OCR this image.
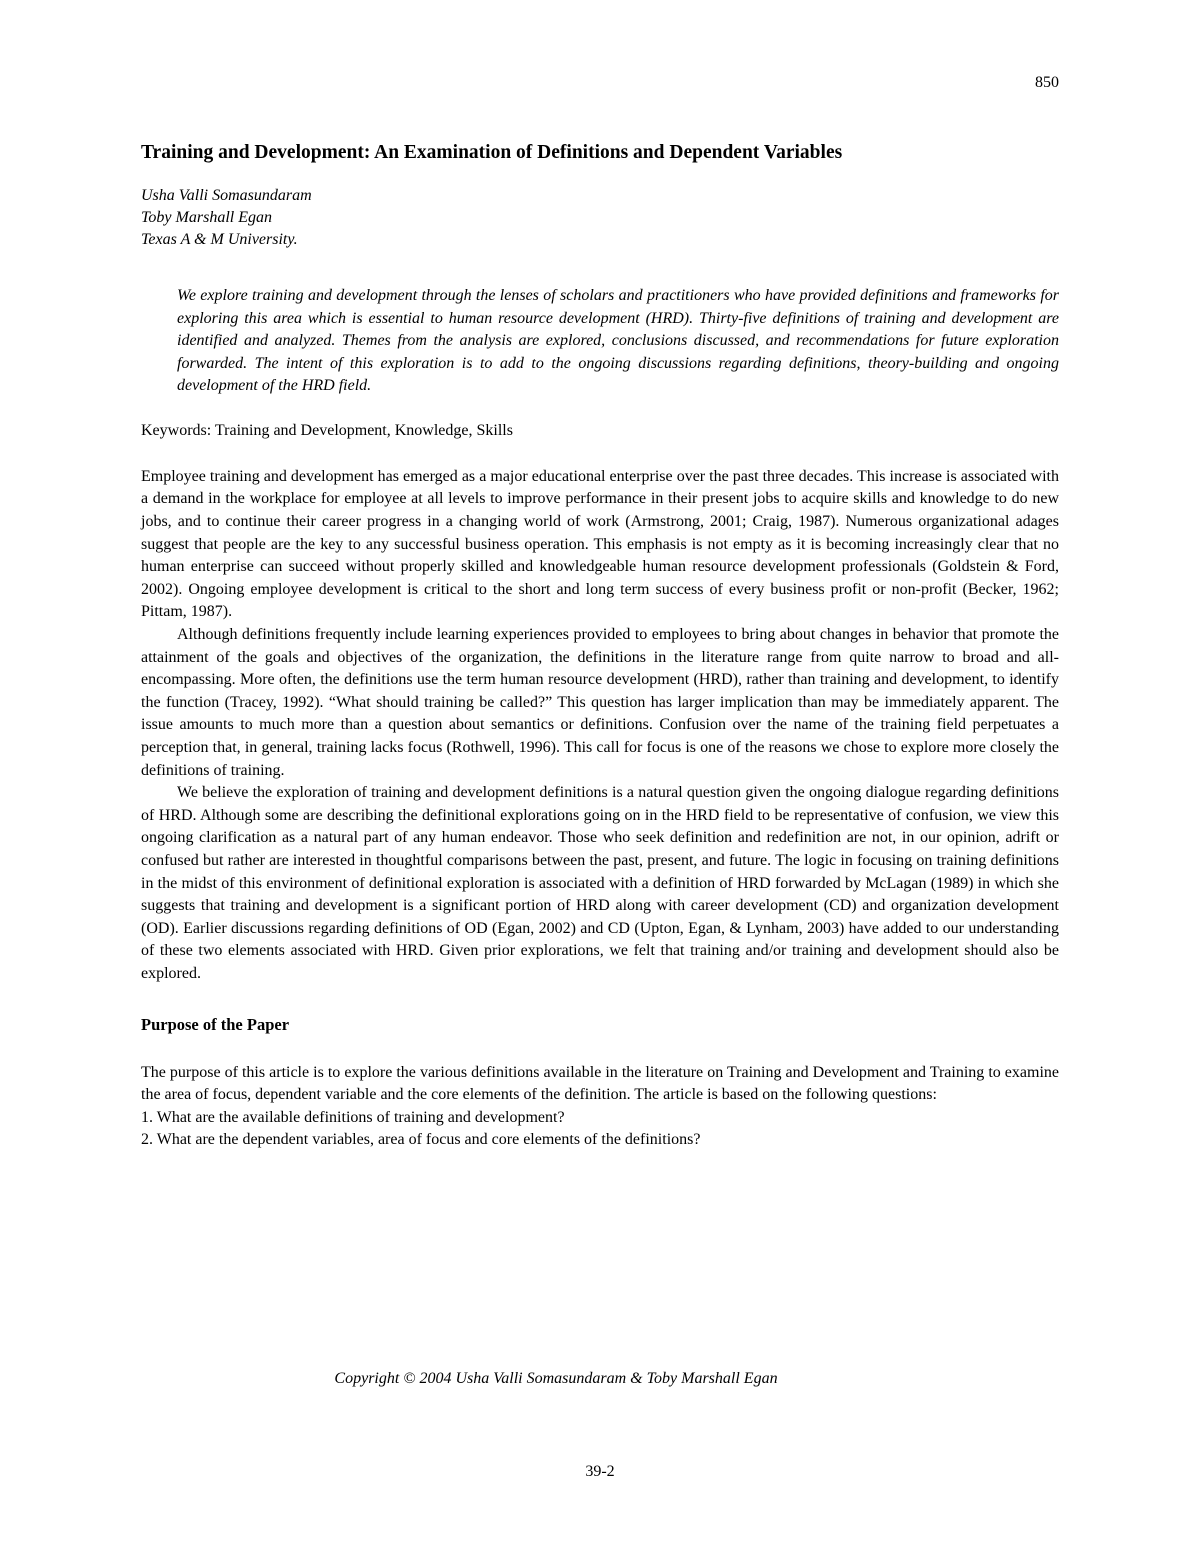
850
Training and Development: An Examination of Definitions and Dependent Variables
Usha Valli Somasundaram
Toby Marshall Egan
Texas A & M University.

We explore training and development through the lenses of scholars and practitioners who have provided definitions and frameworks for exploring this area which is essential to human resource development (HRD). Thirty-five definitions of training and development are identified and analyzed. Themes from the analysis are explored, conclusions discussed, and recommendations for future exploration forwarded. The intent of this exploration is to add to the ongoing discussions regarding definitions, theory-building and ongoing development of the HRD field.

Keywords: Training and Development, Knowledge, Skills

Employee training and development has emerged as a major educational enterprise over the past three decades. This increase is associated with a demand in the workplace for employee at all levels to improve performance in their present jobs to acquire skills and knowledge to do new jobs, and to continue their career progress in a changing world of work (Armstrong, 2001; Craig, 1987). Numerous organizational adages suggest that people are the key to any successful business operation. This emphasis is not empty as it is becoming increasingly clear that no human enterprise can succeed without properly skilled and knowledgeable human resource development professionals (Goldstein & Ford, 2002). Ongoing employee development is critical to the short and long term success of every business profit or non-profit (Becker, 1962; Pittam, 1987).

Although definitions frequently include learning experiences provided to employees to bring about changes in behavior that promote the attainment of the goals and objectives of the organization, the definitions in the literature range from quite narrow to broad and all-encompassing. More often, the definitions use the term human resource development (HRD), rather than training and development, to identify the function (Tracey, 1992). “What should training be called?” This question has larger implication than may be immediately apparent. The issue amounts to much more than a question about semantics or definitions. Confusion over the name of the training field perpetuates a perception that, in general, training lacks focus (Rothwell, 1996). This call for focus is one of the reasons we chose to explore more closely the definitions of training.

We believe the exploration of training and development definitions is a natural question given the ongoing dialogue regarding definitions of HRD. Although some are describing the definitional explorations going on in the HRD field to be representative of confusion, we view this ongoing clarification as a natural part of any human endeavor. Those who seek definition and redefinition are not, in our opinion, adrift or confused but rather are interested in thoughtful comparisons between the past, present, and future. The logic in focusing on training definitions in the midst of this environment of definitional exploration is associated with a definition of HRD forwarded by McLagan (1989) in which she suggests that training and development is a significant portion of HRD along with career development (CD) and organization development (OD). Earlier discussions regarding definitions of OD (Egan, 2002) and CD (Upton, Egan, & Lynham, 2003) have added to our understanding of these two elements associated with HRD. Given prior explorations, we felt that training and/or training and development should also be explored.

Purpose of the Paper

The purpose of this article is to explore the various definitions available in the literature on Training and Development and Training to examine the area of focus, dependent variable and the core elements of the definition. The article is based on the following questions:

1. What are the available definitions of training and development?
2. What are the dependent variables, area of focus and core elements of the definitions?
Copyright © 2004 Usha Valli Somasundaram & Toby Marshall Egan
39-2
